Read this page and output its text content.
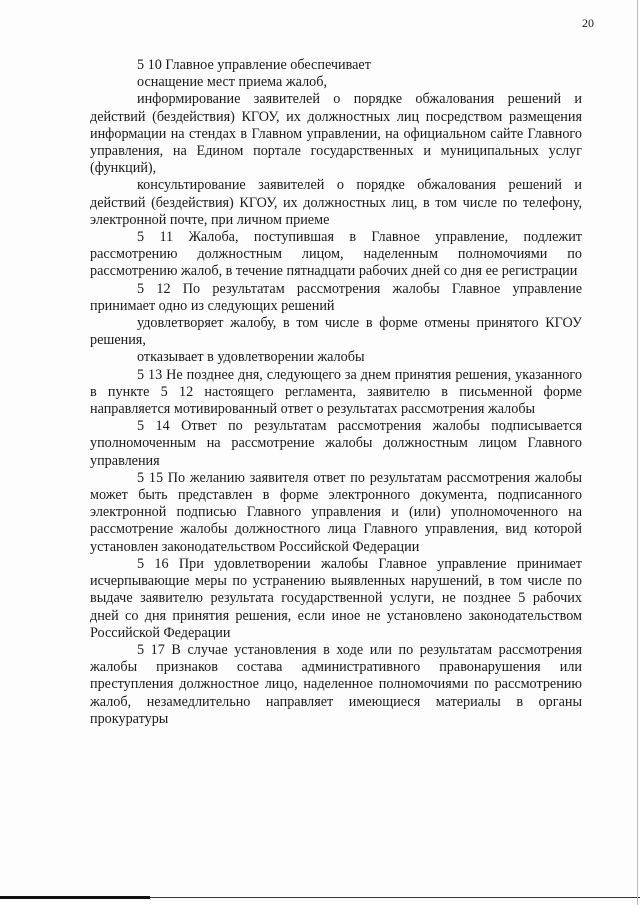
20

5 10 Главное управление обеспечивает

оснащение мест приема жалоб,

информирование заявителей о порядке обжалования решений и действий (бездействия) КГОУ, их должностных лиц посредством размещения информации на стендах в Главном управлении, на официальном сайте Главного управления, на Едином портале государственных и муниципальных услуг (функций),

консультирование заявителей о порядке обжалования решений и действий (бездействия) КГОУ, их должностных лиц, в том числе по телефону, электронной почте, при личном приеме

5 11 Жалоба, поступившая в Главное управление, подлежит рассмотрению должностным лицом, наделенным полномочиями по рассмотрению жалоб, в течение пятнадцати рабочих дней со дня ее регистрации

5 12 По результатам рассмотрения жалобы Главное управление принимает одно из следующих решений

удовлетворяет жалобу, в том числе в форме отмены принятого КГОУ решения,

отказывает в удовлетворении жалобы

5 13 Не позднее дня, следующего за днем принятия решения, указанного в пункте 5 12 настоящего регламента, заявителю в письменной форме направляется мотивированный ответ о результатах рассмотрения жалобы

5 14 Ответ по результатам рассмотрения жалобы подписывается уполномоченным на рассмотрение жалобы должностным лицом Главного управления

5 15 По желанию заявителя ответ по результатам рассмотрения жалобы может быть представлен в форме электронного документа, подписанного электронной подписью Главного управления и (или) уполномоченного на рассмотрение жалобы должностного лица Главного управления, вид которой установлен законодательством Российской Федерации

5 16 При удовлетворении жалобы Главное управление принимает исчерпывающие меры по устранению выявленных нарушений, в том числе по выдаче заявителю результата государственной услуги, не позднее 5 рабочих дней со дня принятия решения, если иное не установлено законодательством Российской Федерации

5 17 В случае установления в ходе или по результатам рассмотрения жалобы признаков состава административного правонарушения или преступления должностное лицо, наделенное полномочиями по рассмотрению жалоб, незамедлительно направляет имеющиеся материалы в органы прокуратуры
